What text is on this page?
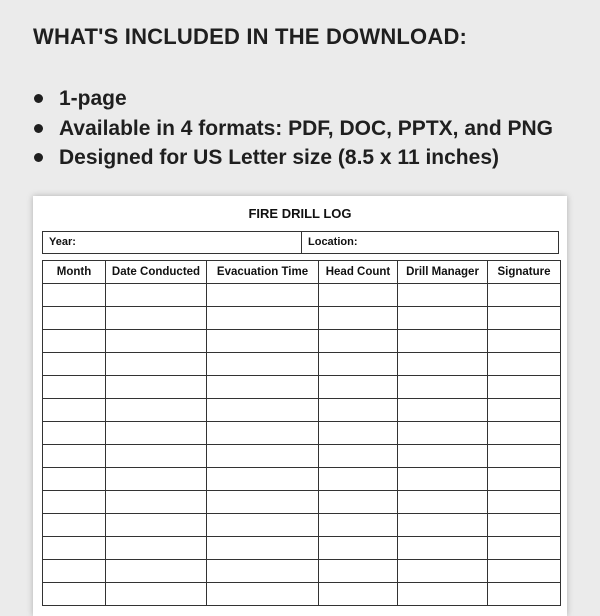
WHAT'S INCLUDED IN THE DOWNLOAD:
1-page
Available in 4 formats: PDF, DOC, PPTX, and PNG
Designed for US Letter size (8.5 x 11 inches)
FIRE DRILL LOG
Year:	Location:
Month	Date Conducted	Evacuation Time	Head Count	Drill Manager	Signature
